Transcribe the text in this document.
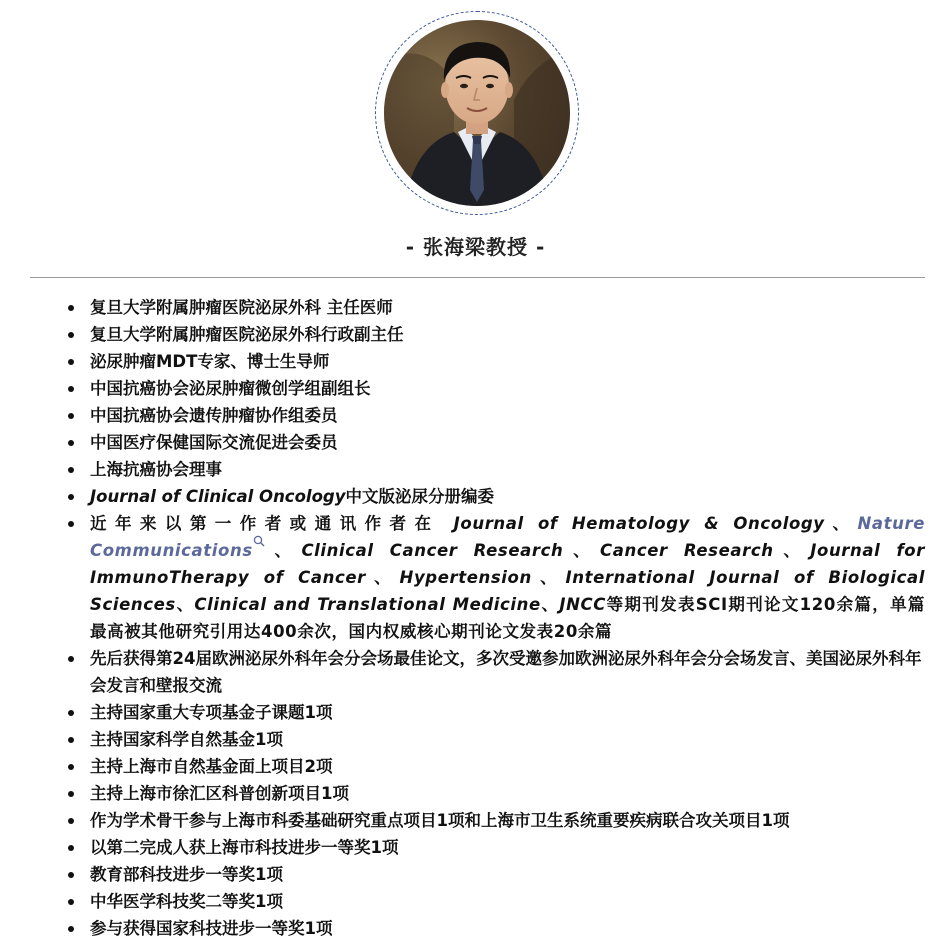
- 张海梁教授 -
复旦大学附属肿瘤医院泌尿外科 主任医师
复旦大学附属肿瘤医院泌尿外科行政副主任
泌尿肿瘤MDT专家、博士生导师
中国抗癌协会泌尿肿瘤微创学组副组长
中国抗癌协会遗传肿瘤协作组委员
中国医疗保健国际交流促进会委员
上海抗癌协会理事
Journal of Clinical Oncology中文版泌尿分册编委
近年来以第一作者或通讯作者在 Journal of Hematology & Oncology、Nature Communications 、Clinical Cancer Research、Cancer Research、Journal for ImmunoTherapy of Cancer、Hypertension、International Journal of Biological Sciences、Clinical and Translational Medicine、JNCC等期刊发表SCI期刊论文120余篇，单篇最高被其他研究引用达400余次，国内权威核心期刊论文发表20余篇
先后获得第24届欧洲泌尿外科年会分会场最佳论文，多次受邀参加欧洲泌尿外科年会分会场发言、美国泌尿外科年会发言和壁报交流
主持国家重大专项基金子课题1项
主持国家科学自然基金1项
主持上海市自然基金面上项目2项
主持上海市徐汇区科普创新项目1项
作为学术骨干参与上海市科委基础研究重点项目1项和上海市卫生系统重要疾病联合攻关项目1项
以第二完成人获上海市科技进步一等奖1项
教育部科技进步一等奖1项
中华医学科技奖二等奖1项
参与获得国家科技进步一等奖1项
